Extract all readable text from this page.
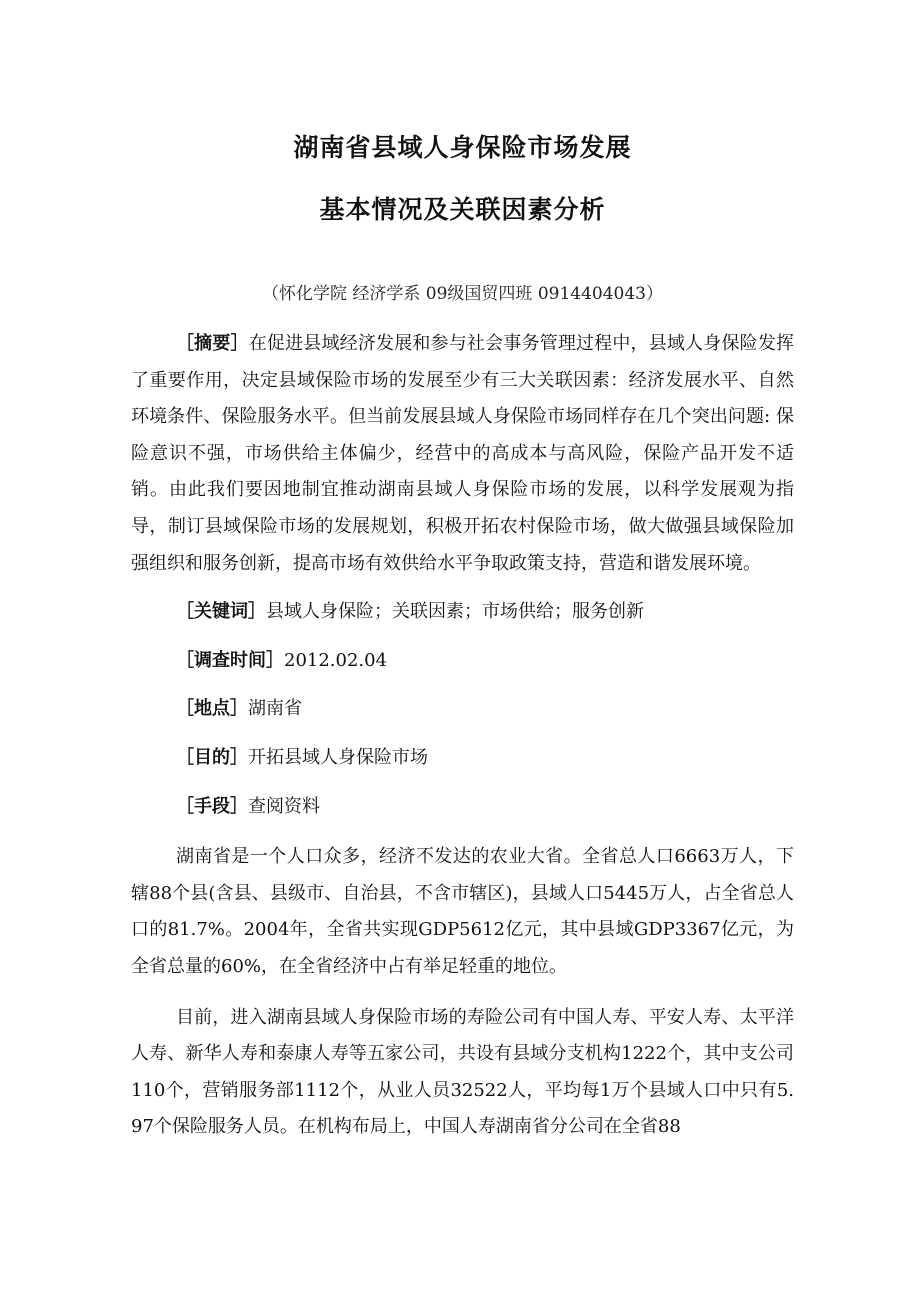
湖南省县域人身保险市场发展
基本情况及关联因素分析
（怀化学院 经济学系 09级国贸四班 0914404043）

［摘要］在促进县域经济发展和参与社会事务管理过程中，县域人身保险发挥了重要作用，决定县域保险市场的发展至少有三大关联因素：经济发展水平、自然环境条件、保险服务水平。但当前发展县域人身保险市场同样存在几个突出问题: 保险意识不强，市场供给主体偏少，经营中的高成本与高风险，保险产品开发不适销。由此我们要因地制宜推动湖南县域人身保险市场的发展，以科学发展观为指导，制订县域保险市场的发展规划，积极开拓农村保险市场，做大做强县域保险加强组织和服务创新，提高市场有效供给水平争取政策支持，营造和谐发展环境。

［关键词］县域人身保险；关联因素；市场供给；服务创新

［调查时间］2012.02.04

［地点］湖南省

［目的］开拓县域人身保险市场

［手段］查阅资料

湖南省是一个人口众多，经济不发达的农业大省。全省总人口6663万人，下辖88个县(含县、县级市、自治县，不含市辖区)，县域人口5445万人，占全省总人口的81.7%。2004年，全省共实现GDP5612亿元，其中县域GDP3367亿元，为全省总量的60%，在全省经济中占有举足轻重的地位。

目前，进入湖南县域人身保险市场的寿险公司有中国人寿、平安人寿、太平洋人寿、新华人寿和泰康人寿等五家公司，共设有县域分支机构1222个，其中支公司110个，营销服务部1112个，从业人员32522人，平均每1万个县域人口中只有5.97个保险服务人员。在机构布局上，中国人寿湖南省分公司在全省88
